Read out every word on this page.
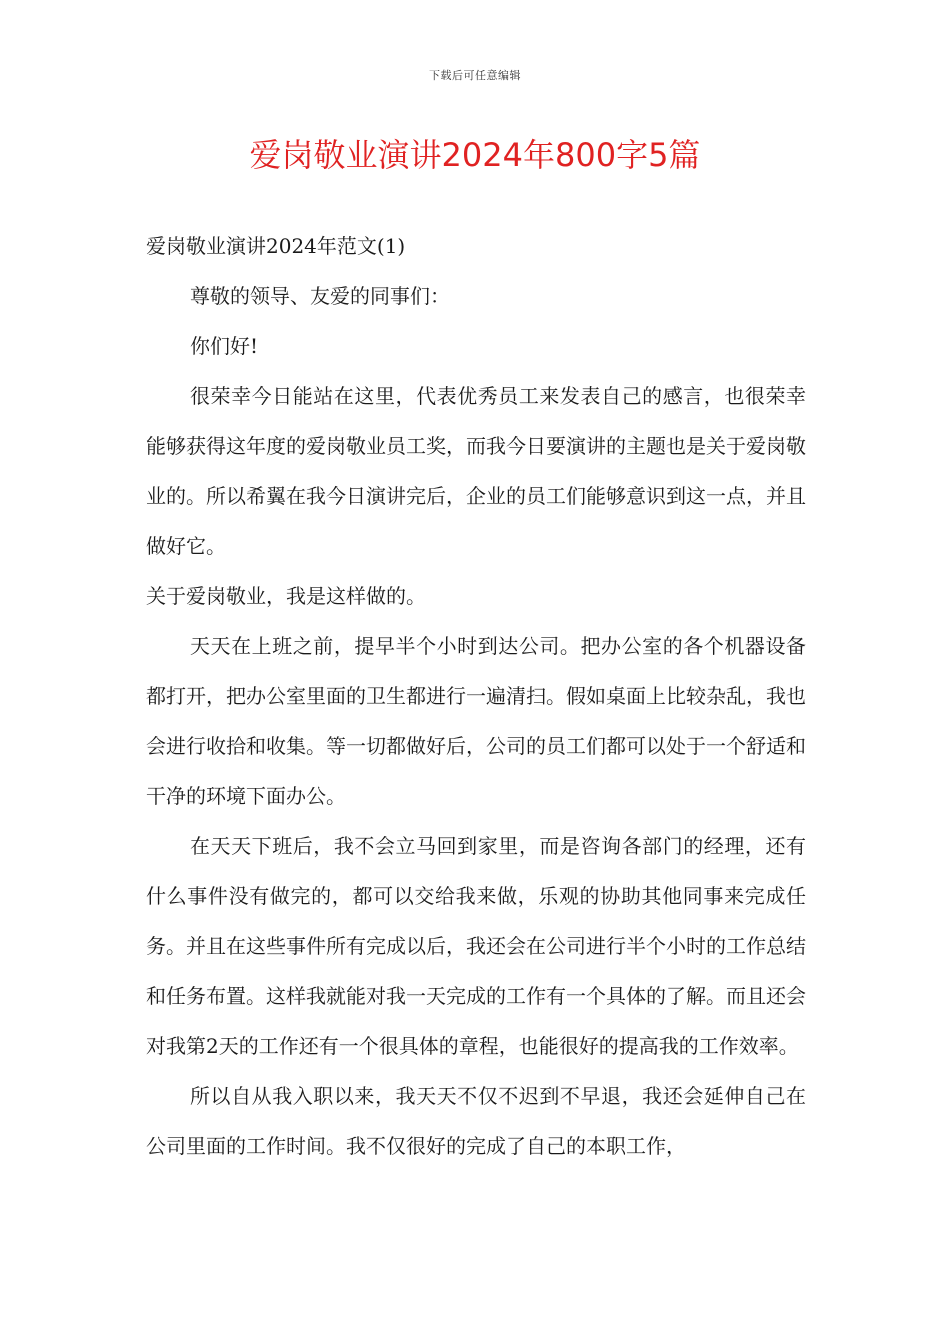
下载后可任意编辑
爱岗敬业演讲2024年800字5篇

爱岗敬业演讲2024年范文(1)

尊敬的领导、友爱的同事们：

你们好!

很荣幸今日能站在这里，代表优秀员工来发表自己的感言，也很荣幸能够获得这年度的爱岗敬业员工奖，而我今日要演讲的主题也是关于爱岗敬业的。所以希翼在我今日演讲完后，企业的员工们能够意识到这一点，并且做好它。

关于爱岗敬业，我是这样做的。

天天在上班之前，提早半个小时到达公司。把办公室的各个机器设备都打开，把办公室里面的卫生都进行一遍清扫。假如桌面上比较杂乱，我也会进行收拾和收集。等一切都做好后，公司的员工们都可以处于一个舒适和干净的环境下面办公。

在天天下班后，我不会立马回到家里，而是咨询各部门的经理，还有什么事件没有做完的，都可以交给我来做，乐观的协助其他同事来完成任务。并且在这些事件所有完成以后，我还会在公司进行半个小时的工作总结和任务布置。这样我就能对我一天完成的工作有一个具体的了解。而且还会对我第2天的工作还有一个很具体的章程，也能很好的提高我的工作效率。

所以自从我入职以来，我天天不仅不迟到不早退，我还会延伸自己在公司里面的工作时间。我不仅很好的完成了自己的本职工作，
